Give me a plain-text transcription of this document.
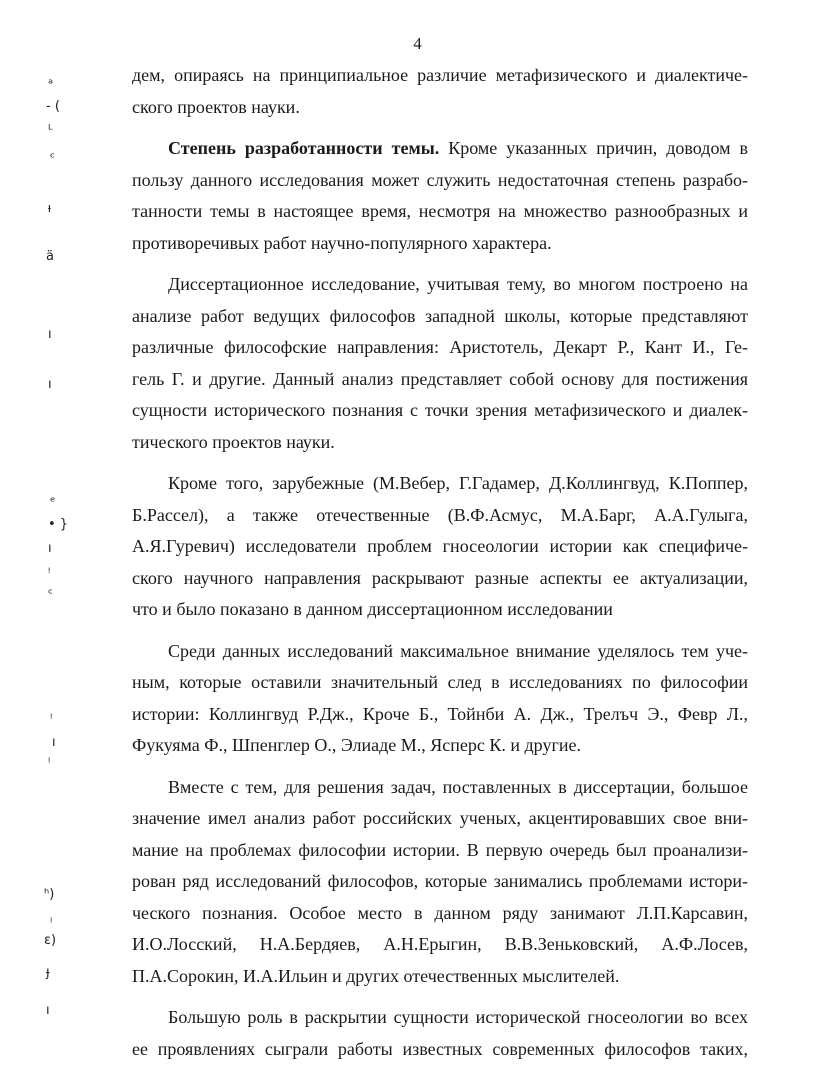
4
ᵃ
- (
ᴸ
ᶜ
ᵼ
ä
ı
ı
ᵉ
• }
ı
ᵎ
ᶜ
ᵎ
ı
ᵎ
ʰ)
ᵎ
ɛ)
ɟ
ı
дем, опираясь на принципиальное различие метафизического и диалектиче-
ского проектов науки.
Степень разработанности темы. Кроме указанных причин, доводом в
пользу данного исследования может служить недостаточная степень разрабо-
танности темы в настоящее время, несмотря на множество разнообразных и
противоречивых работ научно-популярного характера.
Диссертационное исследование, учитывая тему, во многом построено на
анализе работ ведущих философов западной школы, которые представляют
различные философские направления: Аристотель, Декарт Р., Кант И., Ге-
гель Г. и другие. Данный анализ представляет собой основу для постижения
сущности исторического познания с точки зрения метафизического и диалек-
тического проектов науки.
Кроме того, зарубежные (М.Вебер, Г.Гадамер, Д.Коллингвуд, К.Поппер,
Б.Рассел), а также отечественные (В.Ф.Асмус, М.А.Барг, А.А.Гулыга,
А.Я.Гуревич) исследователи проблем гносеологии истории как специфиче-
ского научного направления раскрывают разные аспекты ее актуализации,
что и было показано в данном диссертационном исследовании
Среди данных исследований максимальное внимание уделялось тем уче-
ным, которые оставили значительный след в исследованиях по философии
истории: Коллингвуд Р.Дж., Кроче Б., Тойнби А. Дж., Трелъч Э., Февр Л.,
Фукуяма Ф., Шпенглер О., Элиаде М., Ясперс К. и другие.
Вместе с тем, для решения задач, поставленных в диссертации, большое
значение имел анализ работ российских ученых, акцентировавших свое вни-
мание на проблемах философии истории. В первую очередь был проанализи-
рован ряд исследований философов, которые занимались проблемами истори-
ческого познания. Особое место в данном ряду занимают Л.П.Карсавин,
И.О.Лосский, Н.А.Бердяев, А.Н.Ерыгин, В.В.Зеньковский, А.Ф.Лосев,
П.А.Сорокин, И.А.Ильин и других отечественных мыслителей.
Большую роль в раскрытии сущности исторической гносеологии во всех
ее проявлениях сыграли работы известных современных философов таких,
